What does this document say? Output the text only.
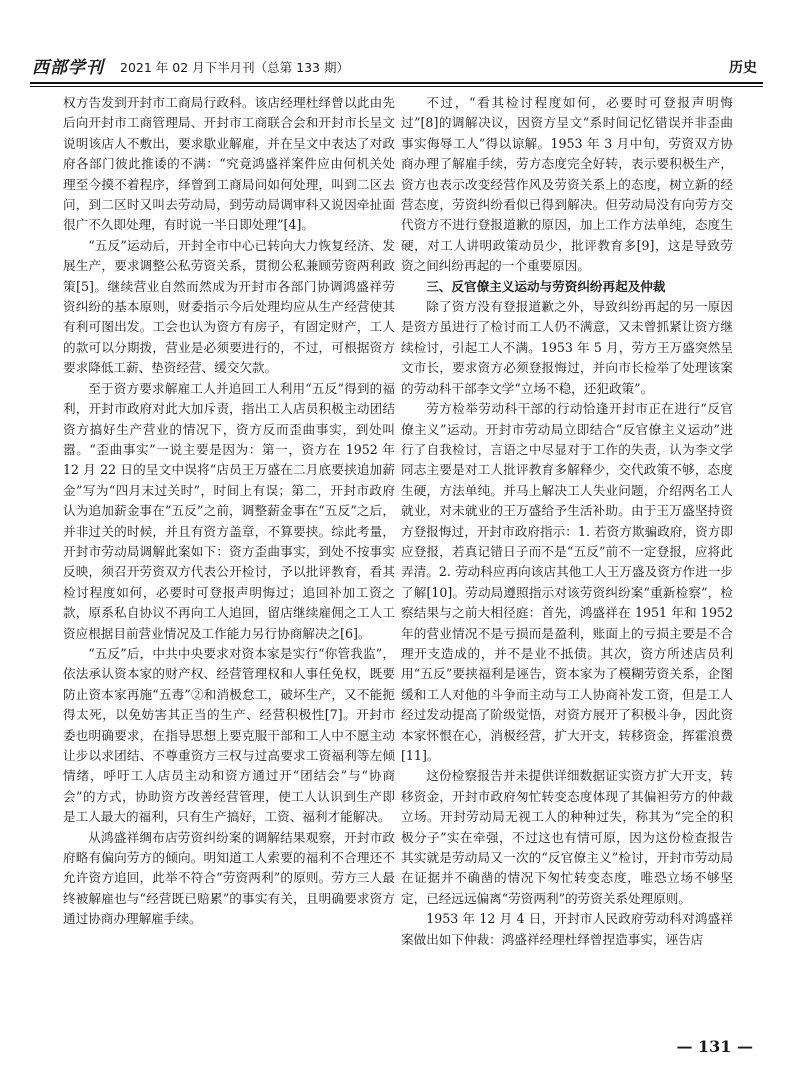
西部学刊 2021 年 02 月下半月刊（总第 133 期）	历史

权方告发到开封市工商局行政科。该店经理杜绎曾以此由先后向开封市工商管理局、开封市工商联合会和开封市长呈文说明该店人不敷出，要求歇业解雇，并在呈文中表达了对政府各部门彼此推诿的不满：“究竟鸿盛祥案件应由何机关处理至今摸不着程序，绎曾到工商局问如何处理，叫到二区去问，到二区时又叫去劳动局，到劳动局调审科又说因牵扯面很广不久即处理，有时说一半日即处理”[4]。

“五反”运动后，开封全市中心已转向大力恢复经济、发展生产，要求调整公私劳资关系，贯彻公私兼顾劳资两利政策[5]。继续营业自然而然成为开封市各部门协调鸿盛祥劳资纠纷的基本原则，财委指示今后处理均应从生产经营使其有利可图出发。工会也认为资方有房子，有固定财产，工人的款可以分期拨，营业是必须要进行的，不过，可根据资方要求降低工薪、垫资经营、缓交欠款。

至于资方要求解雇工人并追回工人利用“五反”得到的福利，开封市政府对此大加斥责，指出工人店员积极主动团结资方搞好生产营业的情况下，资方反而歪曲事实，到处叫嚣。“歪曲事实”一说主要是因为：第一，资方在 1952 年 12 月 22 日的呈文中误将“店员王万盛在二月底要挟追加薪金”写为“四月末过关时”，时间上有误；第二，开封市政府认为追加薪金事在“五反”之前，调整薪金事在“五反”之后，并非过关的时候，并且有资方盖章，不算要挟。综此考量，开封市劳动局调解此案如下：资方歪曲事实，到处不按事实反映，须召开劳资双方代表公开检讨，予以批评教育，看其检讨程度如何，必要时可登报声明悔过；追回补加工资之款，原系私自协议不再向工人追回，留店继续雇佣之工人工资应根据目前营业情况及工作能力另行协商解决之[6]。

“五反”后，中共中央要求对资本家是实行“你管我监”，依法承认资本家的财产权、经营管理权和人事任免权，既要防止资本家再施“五毒”②和消极怠工，破坏生产，又不能扼得太死，以免妨害其正当的生产、经营积极性[7]。开封市委也明确要求，在指导思想上要克服干部和工人中不愿主动让步以求团结、不尊重资方三权与过高要求工资福利等左倾情绪，呼吁工人店员主动和资方通过开“团结会”与“协商会”的方式，协助资方改善经营管理，使工人认识到生产即是工人最大的福利，只有生产搞好，工资、福利才能解决。

从鸿盛祥绸布店劳资纠纷案的调解结果观察，开封市政府略有偏向劳方的倾向。明知道工人索要的福利不合理还不允许资方追回，此举不符合“劳资两利”的原则。劳方三人最终被解雇也与“经营既已赔累”的事实有关，且明确要求资方通过协商办理解雇手续。

不过，“看其检讨程度如何，必要时可登报声明悔过”[8]的调解决议，因资方呈文“系时间记忆错误并非歪曲事实侮辱工人”得以谅解。1953 年 3 月中旬，劳资双方协商办理了解雇手续，劳方态度完全好转，表示要积极生产，资方也表示改变经营作风及劳资关系上的态度，树立新的经营态度，劳资纠纷看似已得到解决。但劳动局没有向劳方交代资方不进行登报道歉的原因，加上工作方法单纯，态度生硬，对工人讲明政策动员少，批评教育多[9]，这是导致劳资之间纠纷再起的一个重要原因。

三、反官僚主义运动与劳资纠纷再起及仲裁

除了资方没有登报道歉之外，导致纠纷再起的另一原因是资方虽进行了检讨而工人仍不满意，又未曾抓紧让资方继续检讨，引起工人不满。1953 年 5 月，劳方王万盛突然呈文市长，要求资方必须登报悔过，并向市长检举了处理该案的劳动科干部李文学“立场不稳，还犯政策”。

劳方检举劳动科干部的行动恰逢开封市正在进行“反官僚主义”运动。开封市劳动局立即结合“反官僚主义运动”进行了自我检讨，言语之中尽显对于工作的失责，认为李文学同志主要是对工人批评教育多解释少，交代政策不够，态度生硬，方法单纯。并马上解决工人失业问题，介绍两名工人就业，对未就业的王万盛给予生活补助。由于王万盛坚持资方登报悔过，开封市政府指示：1. 若资方欺骗政府，资方即应登报，若真记错日子而不是“五反”前不一定登报，应将此弄清。2. 劳动科应再向该店其他工人王万盛及资方作进一步了解[10]。劳动局遵照指示对该劳资纠纷案“重新检察”，检察结果与之前大相径庭：首先，鸿盛祥在 1951 年和 1952 年的营业情况不是亏损而是盈利，账面上的亏损主要是不合理开支造成的，并不是业不抵债。其次，资方所述店员利用“五反”要挟福利是诬告，资本家为了模糊劳资关系，企图缓和工人对他的斗争而主动与工人协商补发工资，但是工人经过发动提高了阶级觉悟，对资方展开了积极斗争，因此资本家怀恨在心，消极经营，扩大开支，转移资金，挥霍浪费[11]。

这份检察报告并未提供详细数据证实资方扩大开支，转移资金，开封市政府匆忙转变态度体现了其偏袒劳方的仲裁立场。开封劳动局无视工人的种种过失，称其为“完全的积极分子”实在牵强，不过这也有情可原，因为这份检查报告其实就是劳动局又一次的“反官僚主义”检讨，开封市劳动局在证据并不确凿的情况下匆忙转变态度，唯恐立场不够坚定，已经远远偏离“劳资两利”的劳资关系处理原则。

1953 年 12 月 4 日，开封市人民政府劳动科对鸿盛祥案做出如下仲裁：鸿盛祥经理杜绎曾捏造事实，诬告店

— 131 —
